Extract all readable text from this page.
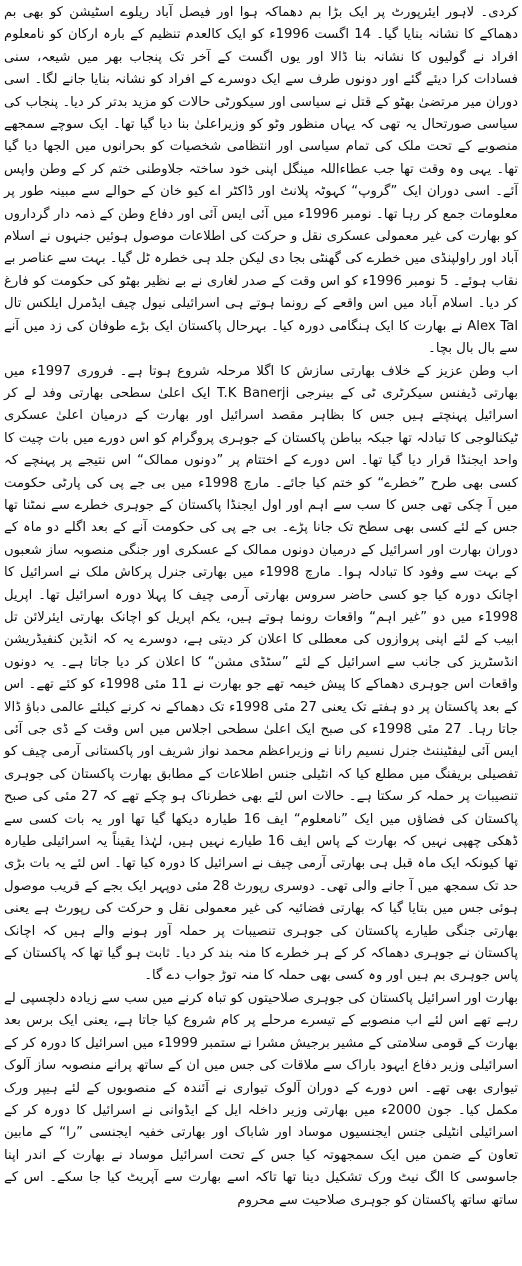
کردی۔ لاہور ایئرپورٹ پر ایک بڑا بم دھماکہ ہوا اور فیصل آباد ریلوے اسٹیشن کو بھی بم دھماکے کا نشانہ بنایا گیا۔ 14 اگست 1996ء کو ایک کالعدم تنظیم کے بارہ ارکان کو نامعلوم افراد نے گولیوں کا نشانہ بنا ڈالا اور یوں اگست کے آخر تک پنجاب بھر میں شیعہ، سنی فسادات کرا دیئے گئے اور دونوں طرف سے ایک دوسرے کے افراد کو نشانہ بنایا جانے لگا۔ اسی دوران میر مرتضیٰ بھٹو کے قتل نے سیاسی اور سیکورٹی حالات کو مزید بدتر کر دیا۔ پنجاب کی سیاسی صورتحال یہ تھی کہ یہاں منظور وٹو کو وزیراعلیٰ بنا دیا گیا تھا۔ ایک سوچے سمجھے منصوبے کے تحت ملک کی تمام سیاسی اور انتظامی شخصیات کو بحرانوں میں الجھا دیا گیا تھا۔ یہی وہ وقت تھا جب عطاءاللہ مینگل اپنی خود ساختہ جلاوطنی ختم کر کے وطن واپس آئے۔ اسی دوران ایک ”گروپ“ کہوٹہ پلانٹ اور ڈاکٹر اے کیو خان کے حوالے سے مبینہ طور پر معلومات جمع کر رہا تھا۔ نومبر 1996ء میں آئی ایس آئی اور دفاع وطن کے ذمہ دار گرداروں کو بھارت کی غیر معمولی عسکری نقل و حرکت کی اطلاعات موصول ہوئیں جنہوں نے اسلام آباد اور راولپنڈی میں خطرے کی گھنٹی بجا دی لیکن جلد ہی خطرہ ٹل گیا۔ بہت سے عناصر بے نقاب ہوئے۔ 5 نومبر 1996ء کو اس وقت کے صدر لغاری نے بے نظیر بھٹو کی حکومت کو فارغ کر دیا۔ اسلام آباد میں اس واقعے کے رونما ہوتے ہی اسرائیلی نیول چیف ایڈمرل ایلکس تال Alex Tal نے بھارت کا ایک ہنگامی دورہ کیا۔ بہرحال پاکستان ایک بڑے طوفان کی زد میں آنے سے بال بال بچا۔

اب وطن عزیز کے خلاف بھارتی سازش کا اگلا مرحلہ شروع ہوتا ہے۔ فروری 1997ء میں بھارتی ڈیفنس سیکرٹری ٹی کے بینرجی T.K Banerji ایک اعلیٰ سطحی بھارتی وفد لے کر اسرائیل پہنچتے ہیں جس کا بظاہر مقصد اسرائیل اور بھارت کے درمیان اعلیٰ عسکری ٹیکنالوجی کا تبادلہ تھا جبکہ بباطن پاکستان کے جوہری پروگرام کو اس دورے میں بات چیت کا واحد ایجنڈا قرار دیا گیا تھا۔ اس دورے کے اختتام پر ”دونوں ممالک“ اس نتیجے پر پہنچے کہ کسی بھی طرح ”خطرے“ کو ختم کیا جائے۔ مارچ 1998ء میں بی جے پی کی پارٹی حکومت میں آ چکی تھی جس کا سب سے اہم اور اول ایجنڈا پاکستان کے جوہری خطرے سے نمٹنا تھا جس کے لئے کسی بھی سطح تک جانا پڑے۔ بی جے پی کی حکومت آنے کے بعد اگلے دو ماہ کے دوران بھارت اور اسرائیل کے درمیان دونوں ممالک کے عسکری اور جنگی منصوبہ ساز شعبوں کے بہت سے وفود کا تبادلہ ہوا۔ مارچ 1998ء میں بھارتی جنرل پرکاش ملک نے اسرائیل کا اچانک دورہ کیا جو کسی حاضر سروس بھارتی آرمی چیف کا پہلا دورہ اسرائیل تھا۔ اپریل 1998ء میں دو ”غیر اہم“ واقعات رونما ہوتے ہیں، یکم اپریل کو اچانک بھارتی ایئرلائن تل ابیب کے لئے اپنی پروازوں کی معطلی کا اعلان کر دیتی ہے، دوسرے یہ کہ انڈین کنفیڈریشن انڈسٹریز کی جانب سے اسرائیل کے لئے ”سٹڈی مشن“ کا اعلان کر دیا جاتا ہے۔ یہ دونوں واقعات اس جوہری دھماکے کا پیش خیمہ تھے جو بھارت نے 11 مئی 1998ء کو کئے تھے۔ اس کے بعد پاکستان پر دو ہفتے تک یعنی 27 مئی 1998ء تک دھماکے نہ کرنے کیلئے عالمی دباؤ ڈالا جاتا رہا۔ 27 مئی 1998ء کی صبح ایک اعلیٰ سطحی اجلاس میں اس وقت کے ڈی جی آئی ایس آئی لیفٹیننٹ جنرل نسیم رانا نے وزیراعظم محمد نواز شریف اور پاکستانی آرمی چیف کو تفصیلی بریفنگ میں مطلع کیا کہ انٹیلی جنس اطلاعات کے مطابق بھارت پاکستان کی جوہری تنصیبات پر حملہ کر سکتا ہے۔ حالات اس لئے بھی خطرناک ہو چکے تھے کہ 27 مئی کی صبح پاکستان کی فضاؤں میں ایک ”نامعلوم“ ایف 16 طیارہ دیکھا گیا تھا اور یہ بات کسی سے ڈھکی چھپی نہیں کہ بھارت کے پاس ایف 16 طیارے نہیں ہیں، لہٰذا یقیناً یہ اسرائیلی طیارہ تھا کیونکہ ایک ماہ قبل ہی بھارتی آرمی چیف نے اسرائیل کا دورہ کیا تھا۔ اس لئے یہ بات بڑی حد تک سمجھ میں آ جانے والی تھی۔ دوسری رپورٹ 28 مئی دوپہر ایک بجے کے قریب موصول ہوئی جس میں بتایا گیا کہ بھارتی فضائیہ کی غیر معمولی نقل و حرکت کی رپورٹ ہے یعنی بھارتی جنگی طیارے پاکستان کی جوہری تنصیبات پر حملہ آور ہونے والے ہیں کہ اچانک پاکستان نے جوہری دھماکہ کر کے ہر خطرے کا منہ بند کر دیا۔ ثابت ہو گیا تھا کہ پاکستان کے پاس جوہری بم ہیں اور وہ کسی بھی حملہ کا منہ توڑ جواب دے گا۔

بھارت اور اسرائیل پاکستان کی جوہری صلاحیتوں کو تباہ کرنے میں سب سے زیادہ دلچسپی لے رہے تھے اس لئے اب منصوبے کے تیسرے مرحلے پر کام شروع کیا جاتا ہے، یعنی ایک برس بعد بھارت کے قومی سلامتی کے مشیر برجیش مشرا نے ستمبر 1999ء میں اسرائیل کا دورہ کر کے اسرائیلی وزیر دفاع ایہود باراک سے ملاقات کی جس میں ان کے ساتھ پرانے منصوبہ ساز آلوک تیواری بھی تھے۔ اس دورے کے دوران آلوک تیواری نے آئندہ کے منصوبوں کے لئے ہیپر ورک مکمل کیا۔ جون 2000ء میں بھارتی وزیر داخلہ ایل کے ایڈوانی نے اسرائیل کا دورہ کر کے اسرائیلی انٹیلی جنس ایجنسیوں موساد اور شاباک اور بھارتی خفیہ ایجنسی ”را“ کے مابین تعاون کے ضمن میں ایک سمجھوتہ کیا جس کے تحت اسرائیل موساد نے بھارت کے اندر اپنا جاسوسی کا الگ نیٹ ورک تشکیل دینا تھا تاکہ اسے بھارت سے آپریٹ کیا جا سکے۔ اس کے ساتھ ساتھ پاکستان کو جوہری صلاحیت سے محروم
